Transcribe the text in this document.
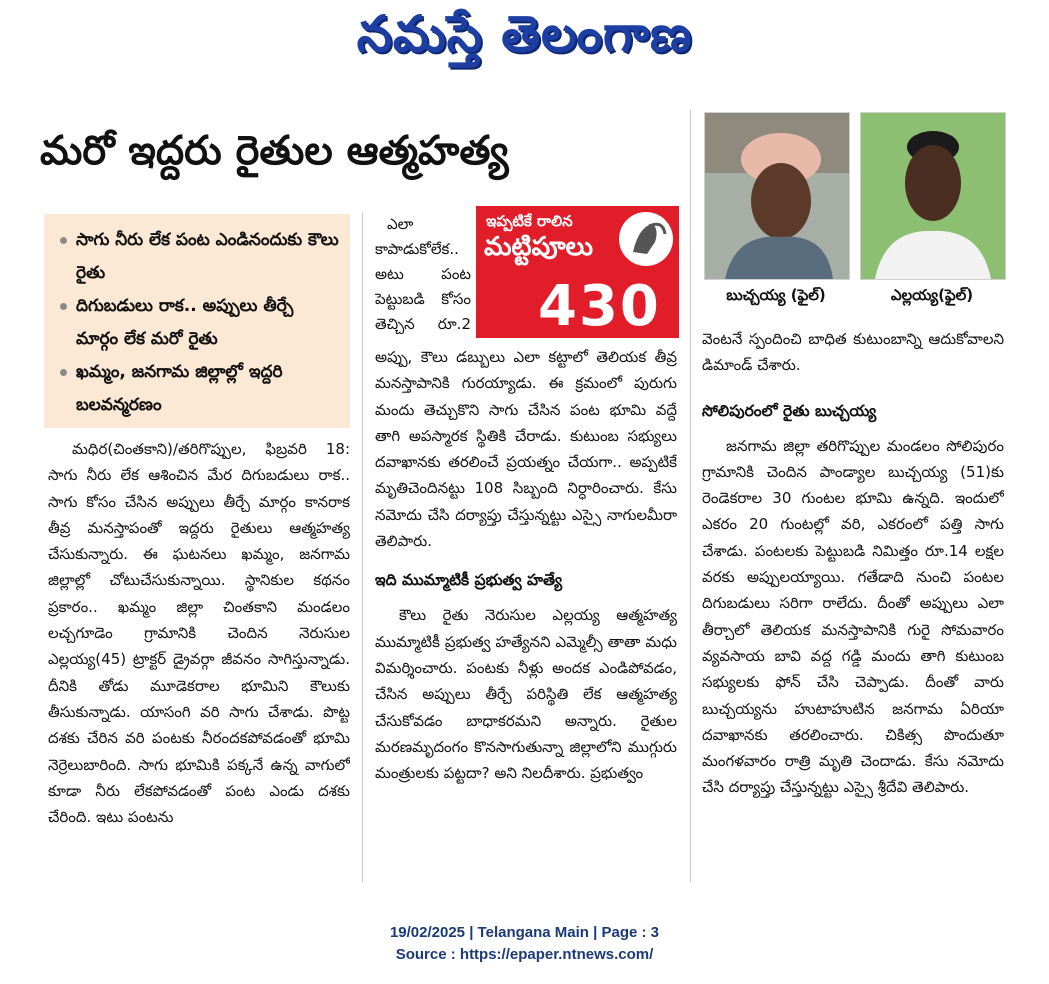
నమస్తే తెలంగాణ
మరో ఇద్దరు రైతుల ఆత్మహత్య
సాగు నీరు లేక పంట ఎండినందుకు కౌలు రైతు
దిగుబడులు రాక.. అప్పులు తీర్చే మార్గం లేక మరో రైతు
ఖమ్మం, జనగామ జిల్లాల్లో ఇద్దరి బలవన్మరణం

మధిర(చింతకాని)/తరిగొప్పుల, ఫిబ్రవరి 18: సాగు నీరు లేక ఆశించిన మేర దిగుబడులు రాక.. సాగు కోసం చేసిన అప్పులు తీర్చే మార్గం కానరాక తీవ్ర మనస్తాపంతో ఇద్దరు రైతులు ఆత్మహత్య చేసుకున్నారు. ఈ ఘటనలు ఖమ్మం, జనగామ జిల్లాల్లో చోటుచేసుకున్నాయి. స్థానికుల కథనం ప్రకారం.. ఖమ్మం జిల్లా చింతకాని మండలం లచ్చగూడెం గ్రామానికి చెందిన నెరుసుల ఎల్లయ్య(45) ట్రాక్టర్ డ్రైవర్గా జీవనం సాగిస్తున్నాడు. దీనికి తోడు మూడెకరాల భూమిని కౌలుకు తీసుకున్నాడు. యాసంగి వరి సాగు చేశాడు. పొట్ట దశకు చేరిన వరి పంటకు నీరందకపోవడంతో భూమి నెర్రెలుబారింది. సాగు భూమికి పక్కనే ఉన్న వాగులో కూడా నీరు లేకపోవడంతో పంట ఎండు దశకు చేరింది. ఇటు పంటను

ఎలా కాపాడుకోలేక.. అటు పంట పెట్టుబడి కోసం తెచ్చిన రూ.2

ఇప్పటికే రాలిన
మట్టిపూలు
430

అప్పు, కౌలు డబ్బులు ఎలా కట్టాలో తెలియక తీవ్ర మనస్తాపానికి గురయ్యాడు. ఈ క్రమంలో పురుగు మందు తెచ్చుకొని సాగు చేసిన పంట భూమి వద్దే తాగి అపస్మారక స్థితికి చేరాడు. కుటుంబ సభ్యులు దవాఖానకు తరలించే ప్రయత్నం చేయగా.. అప్పటికే మృతిచెందినట్టు 108 సిబ్బంది నిర్ధారించారు. కేసు నమోదు చేసి దర్యాప్తు చేస్తున్నట్టు ఎస్సై నాగులమీరా తెలిపారు.

ఇది ముమ్మాటికీ ప్రభుత్వ హత్యే

కౌలు రైతు నెరుసుల ఎల్లయ్య ఆత్మహత్య ముమ్మాటికీ ప్రభుత్వ హత్యేనని ఎమ్మెల్సీ తాతా మధు విమర్శించారు. పంటకు నీళ్లు అందక ఎండిపోవడం, చేసిన అప్పులు తీర్చే పరిస్థితి లేక ఆత్మహత్య చేసుకోవడం బాధాకరమని అన్నారు. రైతుల మరణమృదంగం కొనసాగుతున్నా జిల్లాలోని ముగ్గురు మంత్రులకు పట్టదా? అని నిలదీశారు. ప్రభుత్వం

బుచ్చయ్య (ఫైల్)	ఎల్లయ్య(ఫైల్)

వెంటనే స్పందించి బాధిత కుటుంబాన్ని ఆదుకోవాలని డిమాండ్ చేశారు.

సోలిపురంలో రైతు బుచ్చయ్య

జనగామ జిల్లా తరిగొప్పుల మండలం సోలిపురం గ్రామానికి చెందిన పాండ్యాల బుచ్చయ్య (51)కు రెండెకరాల 30 గుంటల భూమి ఉన్నది. ఇందులో ఎకరం 20 గుంటల్లో వరి, ఎకరంలో పత్తి సాగు చేశాడు. పంటలకు పెట్టుబడి నిమిత్తం రూ.14 లక్షల వరకు అప్పులయ్యాయి. గతేడాది నుంచి పంటల దిగుబడులు సరిగా రాలేదు. దీంతో అప్పులు ఎలా తీర్చాలో తెలియక మనస్తాపానికి గురై సోమవారం వ్యవసాయ బావి వద్ద గడ్డి మందు తాగి కుటుంబ సభ్యులకు ఫోన్ చేసి చెప్పాడు. దీంతో వారు బుచ్చయ్యను హుటాహుటిన జనగామ ఏరియా దవాఖానకు తరలించారు. చికిత్స పొందుతూ మంగళవారం రాత్రి మృతి చెందాడు. కేసు నమోదు చేసి దర్యాప్తు చేస్తున్నట్టు ఎస్సై శ్రీదేవి తెలిపారు.

19/02/2025 | Telangana Main | Page : 3
Source : https://epaper.ntnews.com/
